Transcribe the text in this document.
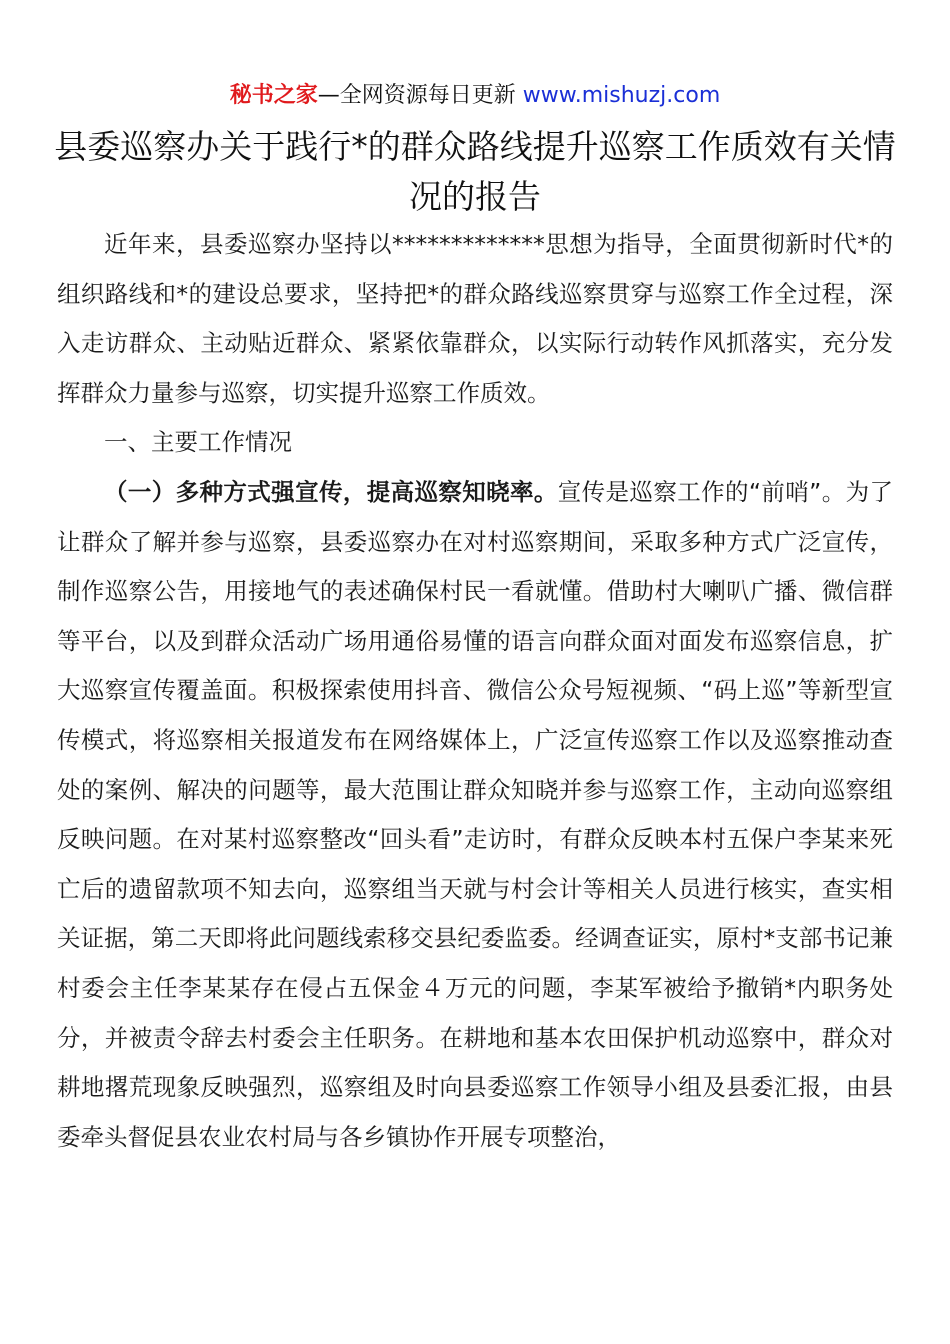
秘书之家—全网资源每日更新 www.mishuzj.com
县委巡察办关于践行*的群众路线提升巡察工作质效有关情况的报告

近年来，县委巡察办坚持以*************思想为指导，全面贯彻新时代*的组织路线和*的建设总要求，坚持把*的群众路线巡察贯穿与巡察工作全过程，深入走访群众、主动贴近群众、紧紧依靠群众，以实际行动转作风抓落实，充分发挥群众力量参与巡察，切实提升巡察工作质效。

一、主要工作情况

（一）多种方式强宣传，提高巡察知晓率。宣传是巡察工作的“前哨”。为了让群众了解并参与巡察，县委巡察办在对村巡察期间，采取多种方式广泛宣传，制作巡察公告，用接地气的表述确保村民一看就懂。借助村大喇叭广播、微信群等平台，以及到群众活动广场用通俗易懂的语言向群众面对面发布巡察信息，扩大巡察宣传覆盖面。积极探索使用抖音、微信公众号短视频、“码上巡”等新型宣传模式，将巡察相关报道发布在网络媒体上，广泛宣传巡察工作以及巡察推动查处的案例、解决的问题等，最大范围让群众知晓并参与巡察工作，主动向巡察组反映问题。在对某村巡察整改“回头看”走访时，有群众反映本村五保户李某来死亡后的遗留款项不知去向，巡察组当天就与村会计等相关人员进行核实，查实相关证据，第二天即将此问题线索移交县纪委监委。经调查证实，原村*支部书记兼村委会主任李某某存在侵占五保金４万元的问题，李某军被给予撤销*内职务处分，并被责令辞去村委会主任职务。在耕地和基本农田保护机动巡察中，群众对耕地撂荒现象反映强烈，巡察组及时向县委巡察工作领导小组及县委汇报，由县委牵头督促县农业农村局与各乡镇协作开展专项整治，
